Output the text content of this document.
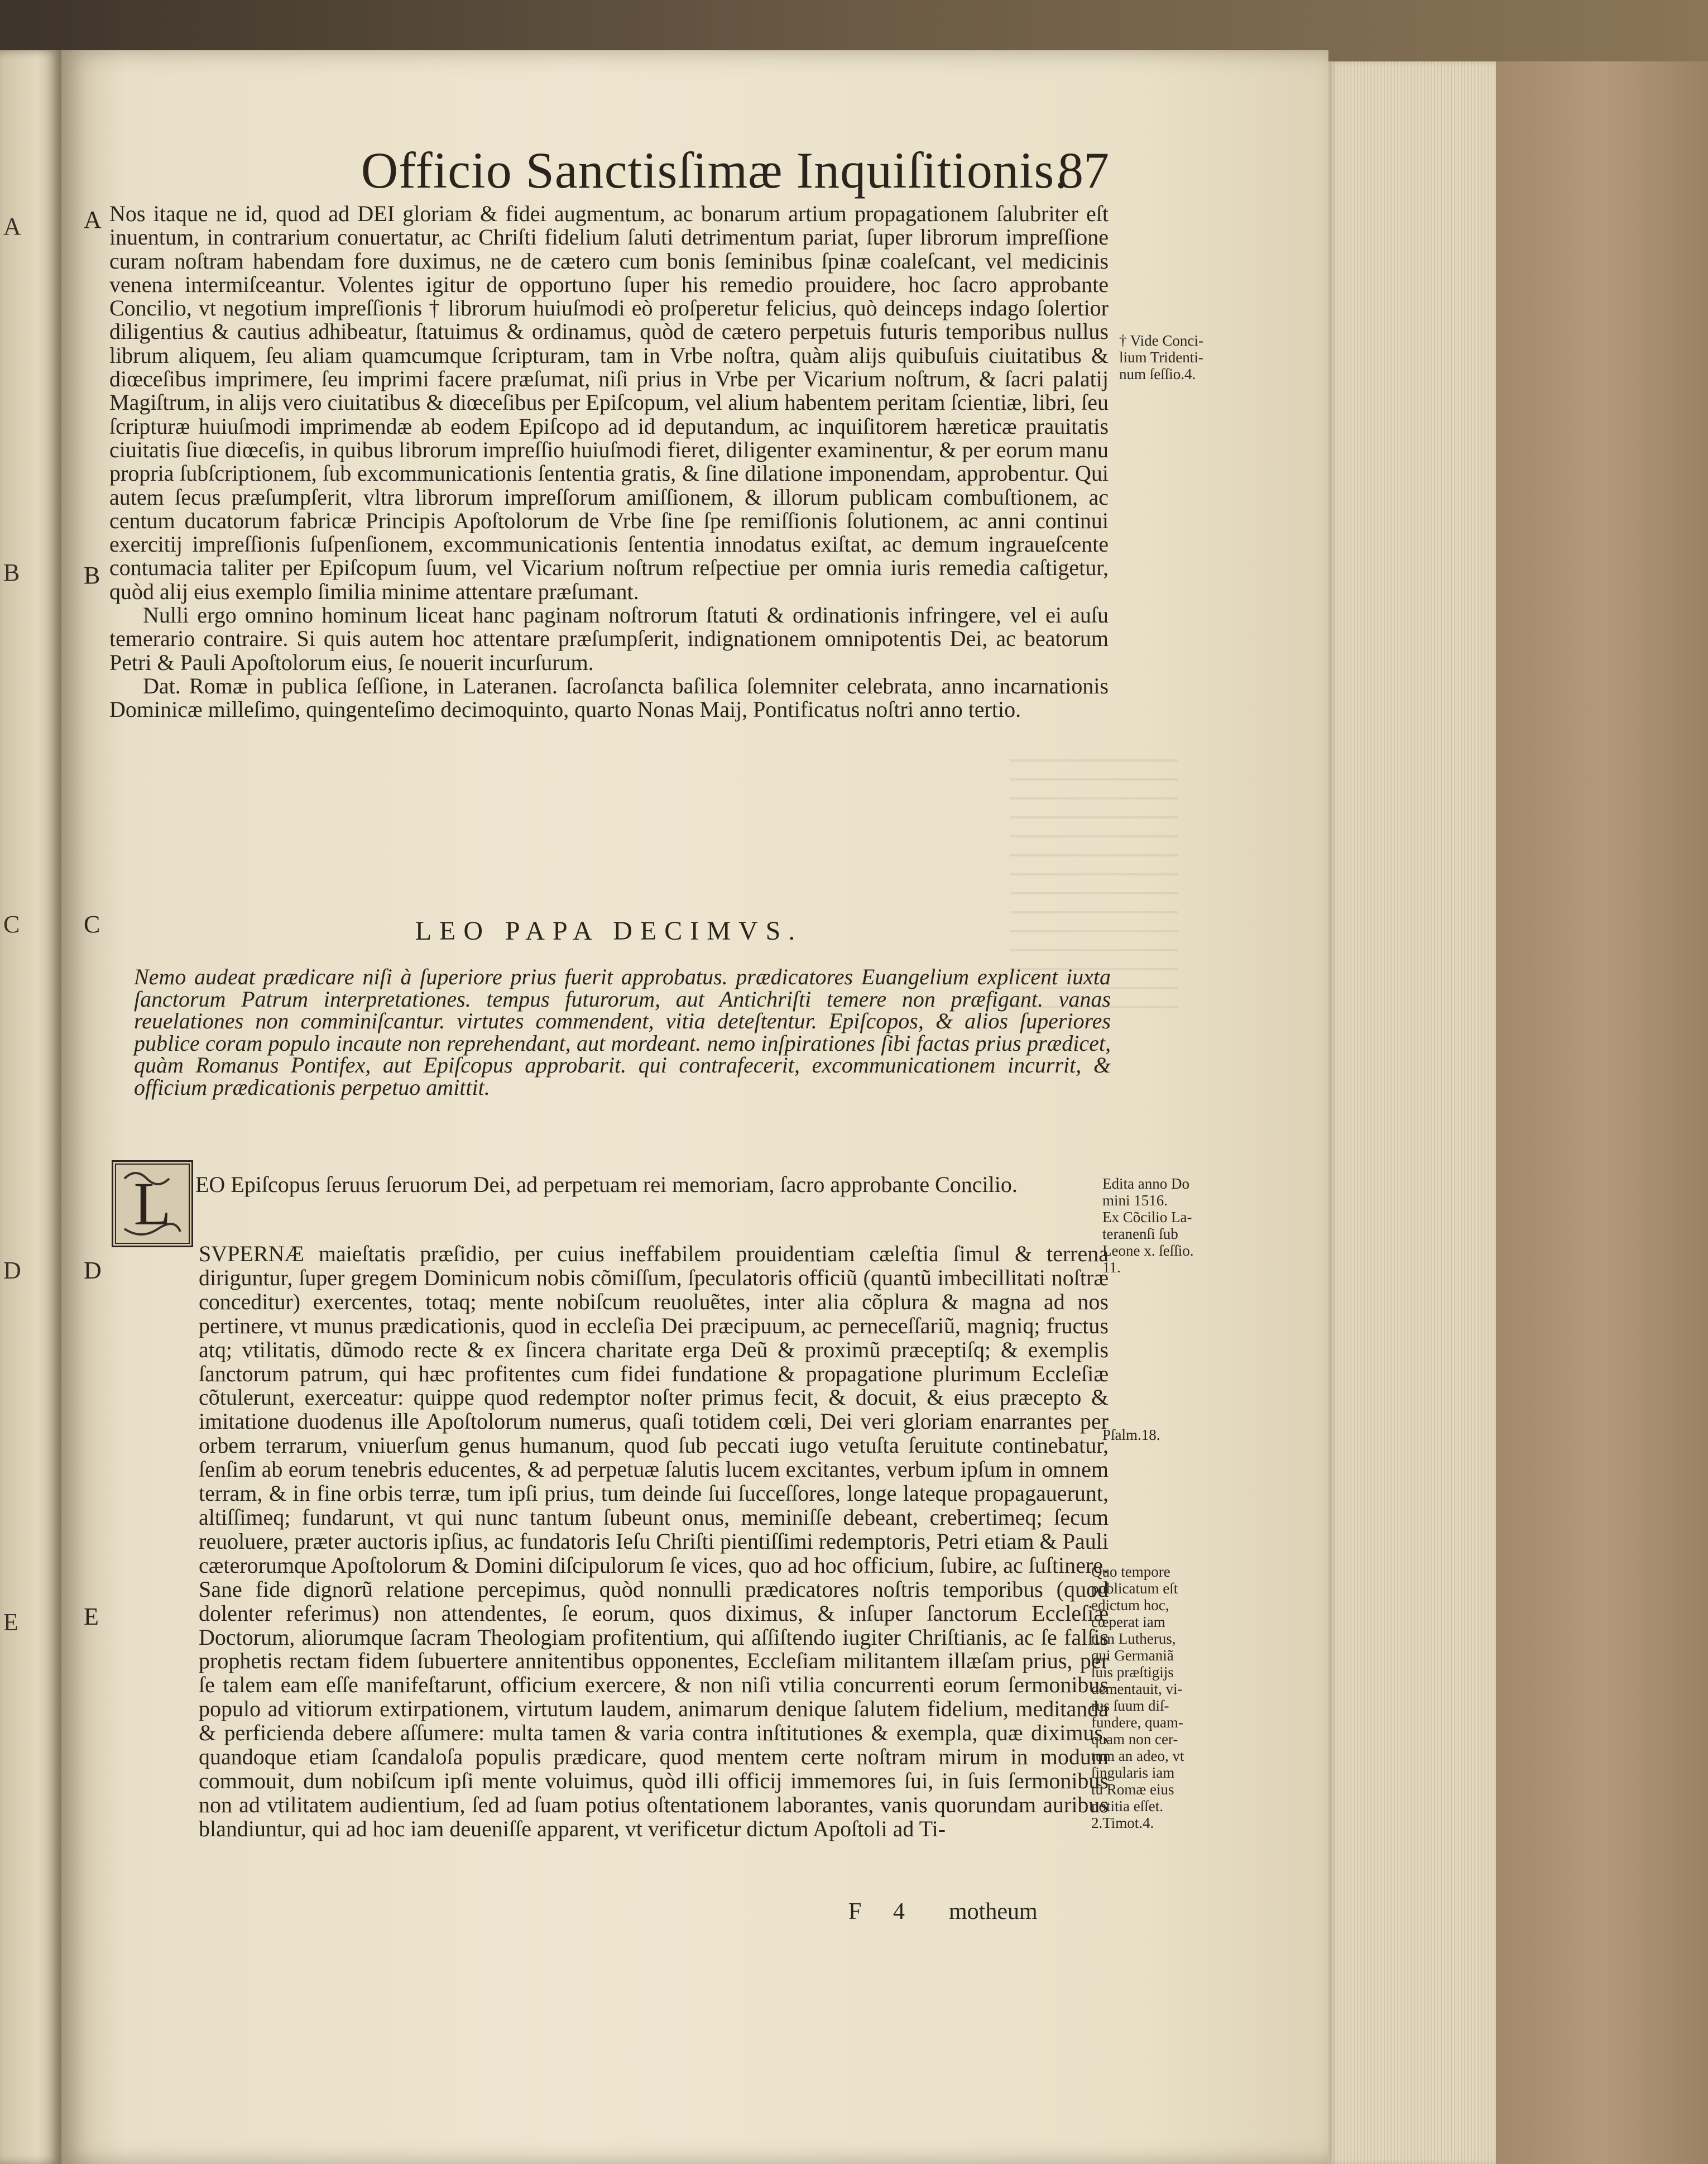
A
B
C
D
E
Officio Sanctisſimæ Inquiſitionis.
87
A
B
C
D
E

Nos itaque ne id, quod ad DEI gloriam & fidei augmentum, ac bonarum artium propagationem ſalubriter eſt inuentum, in contrarium conuertatur, ac Chriſti fidelium ſaluti detrimentum pariat, ſuper librorum impreſſione curam noſtram habendam fore duximus, ne de cætero cum bonis ſeminibus ſpinæ coaleſcant, vel medicinis venena intermiſceantur. Volentes igitur de opportuno ſuper his remedio prouidere, hoc ſacro approbante Concilio, vt negotium impreſſionis † librorum huiuſmodi eò proſperetur felicius, quò deinceps indago ſolertior diligentius & cautius adhibeatur, ſtatuimus & ordinamus, quòd de cætero perpetuis futuris temporibus nullus librum aliquem, ſeu aliam quamcumque ſcripturam, tam in Vrbe noſtra, quàm alijs quibuſuis ciuitatibus & diœceſibus imprimere, ſeu imprimi facere præſumat, niſi prius in Vrbe per Vicarium noſtrum, & ſacri palatij Magiſtrum, in alijs vero ciuitatibus & diœceſibus per Epiſcopum, vel alium habentem peritam ſcientiæ, libri, ſeu ſcripturæ huiuſmodi imprimendæ ab eodem Epiſcopo ad id deputandum, ac inquiſitorem hæreticæ prauitatis ciuitatis ſiue diœceſis, in quibus librorum impreſſio huiuſmodi fieret, diligenter examinentur, & per eorum manu propria ſubſcriptionem, ſub excommunicationis ſententia gratis, & ſine dilatione imponendam, approbentur. Qui autem ſecus præſumpſerit, vltra librorum impreſſorum amiſſionem, & illorum publicam combuſtionem, ac centum ducatorum fabricæ Principis Apoſtolorum de Vrbe ſine ſpe remiſſionis ſolutionem, ac anni continui exercitij impreſſionis ſuſpenſionem, excommunicationis ſententia innodatus exiſtat, ac demum ingraueſcente contumacia taliter per Epiſcopum ſuum, vel Vicarium noſtrum reſpectiue per omnia iuris remedia caſtigetur, quòd alij eius exemplo ſimilia minime attentare præſumant.

Nulli ergo omnino hominum liceat hanc paginam noſtrorum ſtatuti & ordinationis infringere, vel ei auſu temerario contraire. Si quis autem hoc attentare præſumpſerit, indignationem omnipotentis Dei, ac beatorum Petri & Pauli Apoſtolorum eius, ſe nouerit incurſurum.

Dat. Romæ in publica ſeſſione, in Lateranen. ſacroſancta baſilica ſolemniter celebrata, anno incarnationis Dominicæ milleſimo, quingenteſimo decimoquinto, quarto Nonas Maij, Pontificatus noſtri anno tertio.

LEO PAPA DECIMVS.
Nemo audeat prædicare niſi à ſuperiore prius fuerit approbatus. prædicatores Euangelium explicent iuxta ſanctorum Patrum interpretationes. tempus futurorum, aut Antichriſti temere non præfigant. vanas reuelationes non comminiſcantur. virtutes commendent, vitia deteſtentur. Epiſcopos, & alios ſuperiores publice coram populo incaute non reprehendant, aut mordeant. nemo inſpirationes ſibi factas prius prædicet, quàm Romanus Pontifex, aut Epiſcopus approbarit. qui contrafecerit, excommunicationem incurrit, & officium prædicationis perpetuo amittit.
L EO Epiſcopus ſeruus ſeruorum Dei, ad perpetuam rei memoriam, ſacro approbante Concilio.

SVPERNÆ maieſtatis præſidio, per cuius ineffabilem prouidentiam cæleſtia ſimul & terrena diriguntur, ſuper gregem Dominicum nobis cõmiſſum, ſpeculatoris officiũ (quantũ imbecillitati noſtræ conceditur) exercentes, totaq; mente nobiſcum reuoluẽtes, inter alia cõplura & magna ad nos pertinere, vt munus prædicationis, quod in eccleſia Dei præcipuum, ac perneceſſariũ, magniq; fructus atq; vtilitatis, dũmodo recte & ex ſincera charitate erga Deũ & proximũ præceptiſq; & exemplis ſanctorum patrum, qui hæc profitentes cum fidei fundatione & propagatione plurimum Eccleſiæ cõtulerunt, exerceatur: quippe quod redemptor noſter primus fecit, & docuit, & eius præcepto & imitatione duodenus ille Apoſtolorum numerus, quaſi totidem cœli, Dei veri gloriam enarrantes per orbem terrarum, vniuerſum genus humanum, quod ſub peccati iugo vetuſta ſeruitute continebatur, ſenſim ab eorum tenebris educentes, & ad perpetuæ ſalutis lucem excitantes, verbum ipſum in omnem terram, & in fine orbis terræ, tum ipſi prius, tum deinde ſui ſucceſſores, longe lateque propagauerunt, altiſſimeq; fundarunt, vt qui nunc tantum ſubeunt onus, meminiſſe debeant, crebertimeq; ſecum reuoluere, præter auctoris ipſius, ac fundatoris Ieſu Chriſti pientiſſimi redemptoris, Petri etiam & Pauli cæterorumque Apoſtolorum & Domini diſcipulorum ſe vices, quo ad hoc officium, ſubire, ac ſuſtinere. Sane fide dignorũ relatione percepimus, quòd nonnulli prædicatores noſtris temporibus (quod dolenter referimus) non attendentes, ſe eorum, quos diximus, & inſuper ſanctorum Eccleſiæ Doctorum, aliorumque ſacram Theologiam profitentium, qui aſſiſtendo iugiter Chriſtianis, ac ſe falſis prophetis rectam fidem ſubuertere annitentibus opponentes, Eccleſiam militantem illæſam prius, per ſe talem eam eſſe manifeſtarunt, officium exercere, & non niſi vtilia concurrenti eorum ſermonibus populo ad vitiorum extirpationem, virtutum laudem, animarum denique ſalutem fidelium, meditanda & perficienda debere aſſumere: multa tamen & varia contra inſtitutiones & exempla, quæ diximus, quandoque etiam ſcandaloſa populis prædicare, quod mentem certe noſtram mirum in modum commouit, dum nobiſcum ipſi mente voluimus, quòd illi officij immemores ſui, in ſuis ſermonibus non ad vtilitatem audientium, ſed ad ſuam potius oſtentationem laborantes, vanis quorundam auribus blandiuntur, qui ad hoc iam deueniſſe apparent, vt verificetur dictum Apoſtoli ad Ti-

F 4 motheum

† Vide Conci-

lium Tridenti-

num ſeſſio.4.

Edita anno Do

mini 1516.

Ex Cõcilio La-

teranenſi ſub

Leone x. ſeſſio.

11.

Pſalm.18.

Quo tempore

publicatum eſt

edictum hoc,

cœperat iam

tum Lutherus,

qui Germaniã

ſuis præſtigijs

dementauit, vi-

rus ſuum diſ-

fundere, quam-

quam non cer-

tum an adeo, vt

ſingularis iam

tũ Romæ eius

notitia eſſet.

2.Timot.4.
